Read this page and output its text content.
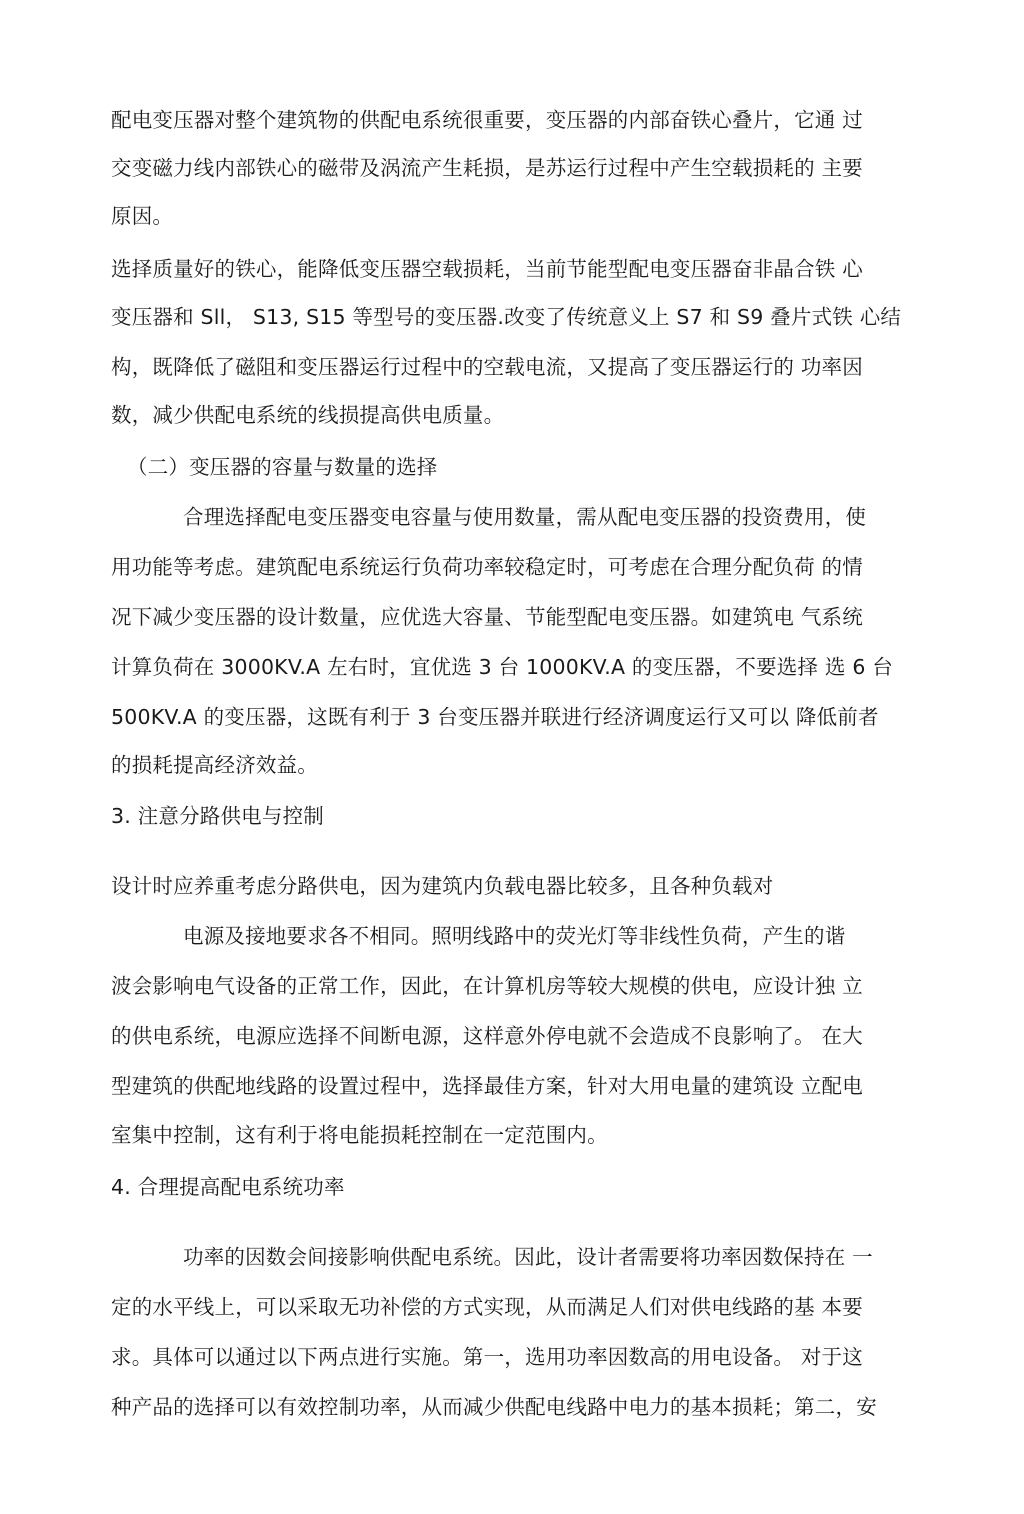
配电变压器对整个建筑物的供配电系统很重要，变压器的内部奋铁心叠片，它通 过
交变磁力线内部铁心的磁带及涡流产生耗损，是苏运行过程中产生空载损耗的 主要
原因。
选择质量好的铁心，能降低变压器空载损耗，当前节能型配电变压器奋非晶合铁 心
变压器和 Sll， S13, S15 等型号的变压器.改变了传统意义上 S7 和 S9 叠片式铁 心结
构，既降低了磁阻和变压器运行过程中的空载电流，又提高了变压器运行的 功率因
数，减少供配电系统的线损提高供电质量。
（二）变压器的容量与数量的选择
合理选择配电变压器变电容量与使用数量，需从配电变压器的投资费用，使
用功能等考虑。建筑配电系统运行负荷功率较稳定时，可考虑在合理分配负荷 的情
况下减少变压器的设计数量，应优选大容量、节能型配电变压器。如建筑电 气系统
计算负荷在 3000KV.A 左右时，宜优选 3 台 1000KV.A 的变压器，不要选择 选 6 台
500KV.A 的变压器，这既有利于 3 台变压器并联进行经济调度运行又可以 降低前者
的损耗提高经济效益。
3. 注意分路供电与控制
设计时应养重考虑分路供电，因为建筑内负载电器比较多，且各种负载对
电源及接地要求各不相同。照明线路中的荧光灯等非线性负荷，产生的谐
波会影响电气设备的正常工作，因此，在计算机房等较大规模的供电，应设计独 立
的供电系统，电源应选择不间断电源，这样意外停电就不会造成不良影响了。 在大
型建筑的供配地线路的设置过程中，选择最佳方案，针对大用电量的建筑设 立配电
室集中控制，这有利于将电能损耗控制在一定范围内。
4. 合理提高配电系统功率
功率的因数会间接影响供配电系统。因此，设计者需要将功率因数保持在 一
定的水平线上，可以采取无功补偿的方式实现，从而满足人们对供电线路的基 本要
求。具体可以通过以下两点进行实施。第一，选用功率因数高的用电设备。 对于这
种产品的选择可以有效控制功率，从而减少供配电线路中电力的基本损耗；第二，安
